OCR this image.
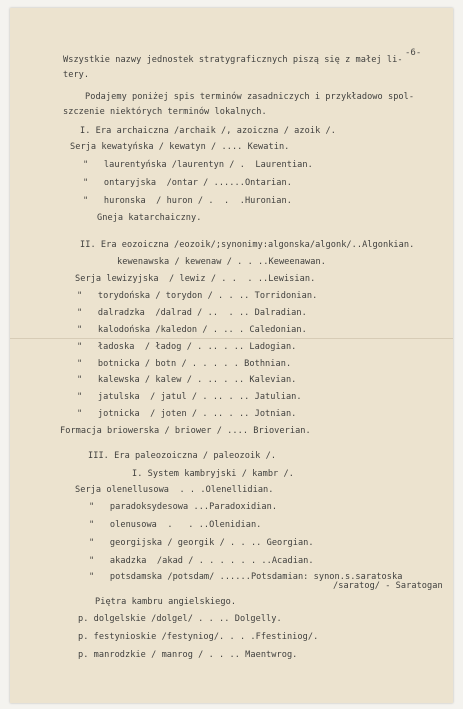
-6-
Wszystkie nazwy jednostek stratygraficznych piszą się z małej li-
tery.
Podajemy poniżej spis terminów zasadniczych i przykładowo spol-
szczenie niektórych terminów lokalnych.
I. Era archaiczna /archaik /, azoiczna / azoik /.
Serja kewatyńska / kewatyn / .... Kewatin.
"   laurentyńska /laurentyn / .  Laurentian.
"   ontaryjska  /ontar / ......Ontarian.
"   huronska  / huron / .  .  .Huronian.
Gneja katarchaiczny.
II. Era eozoiczna /eozoik/;synonimy:algonska/algonk/..Algonkian.
kewenawska / kewenaw / . . ..Keweenawan.
Serja lewizyjska  / lewiz / . .  . ..Lewisian.
"   torydońska / torydon / . . .. Torridonian.
"   dalradzka  /dalrad / ..  . .. Dalradian.
"   kalodońska /kaledon / . .. . Caledonian.
"   ładoska  / ładog / . .. . .. Ladogian.
"   botnicka / botn / . . . . . Bothnian.
"   kalewska / kalew / . .. . .. Kalevian.
"   jatulska  / jatul / . .. . .. Jatulian.
"   jotnicka  / joten / . .. . .. Jotnian.
Formacja briowerska / briower / .... Brioverian.
III. Era paleozoiczna / paleozoik /.
I. System kambryjski / kambr /.
Serja olenellusowa  . . .Olenellidian.
"   paradoksydesowa ...Paradoxidian.
"   olenusowa  .   . ..Olenidian.
"   georgijska / georgik / . . .. Georgian.
"   akadzka  /akad / . . . . . . ..Acadian.
"   potsdamska /potsdam/ ......Potsdamian: synon.s.saratoska
/saratog/ - Saratogan
Piętra kambru angielskiego.
p. dolgelskie /dolgel/ . . .. Dolgelly.
p. festynioskie /festyniog/. . . .Ffestiniog/.
p. manrodzkie / manrog / . . .. Maentwrog.
